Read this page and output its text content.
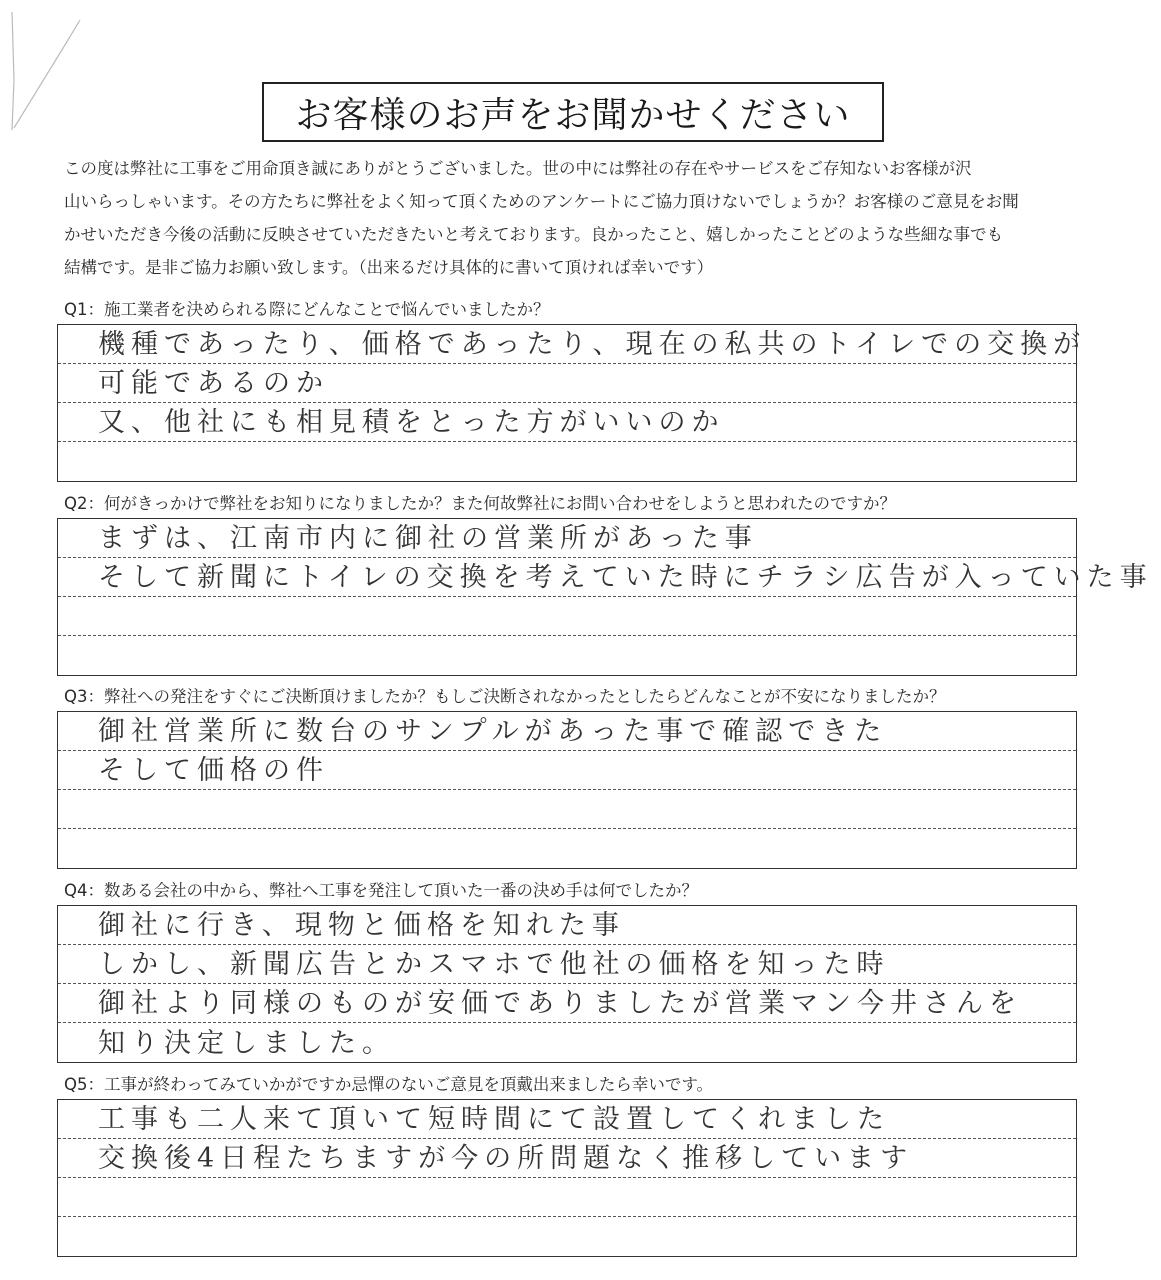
お客様のお声をお聞かせください
この度は弊社に工事をご用命頂き誠にありがとうございました。世の中には弊社の存在やサービスをご存知ないお客様が沢
山いらっしゃいます。その方たちに弊社をよく知って頂くためのアンケートにご協力頂けないでしょうか？お客様のご意見をお聞
かせいただき今後の活動に反映させていただきたいと考えております。良かったこと、嬉しかったことどのような些細な事でも
結構です。是非ご協力お願い致します。（出来るだけ具体的に書いて頂ければ幸いです）
Q1：施工業者を決められる際にどんなことで悩んでいましたか？
機種であったり、価格であったり、現在の私共のトイレでの交換が
可能であるのか
又、他社にも相見積をとった方がいいのか
Q2：何がきっかけで弊社をお知りになりましたか？また何故弊社にお問い合わせをしようと思われたのですか？
まずは、江南市内に御社の営業所があった事
そして新聞にトイレの交換を考えていた時にチラシ広告が入っていた事
Q3：弊社への発注をすぐにご決断頂けましたか？もしご決断されなかったとしたらどんなことが不安になりましたか？
御社営業所に数台のサンプルがあった事で確認できた
そして価格の件
Q4：数ある会社の中から、弊社へ工事を発注して頂いた一番の決め手は何でしたか？
御社に行き、現物と価格を知れた事
しかし、新聞広告とかスマホで他社の価格を知った時
御社より同様のものが安価でありましたが営業マン今井さんを
知り決定しました。
Q5：工事が終わってみていかがですか忌憚のないご意見を頂戴出来ましたら幸いです。
工事も二人来て頂いて短時間にて設置してくれました
交換後4日程たちますが今の所問題なく推移しています
